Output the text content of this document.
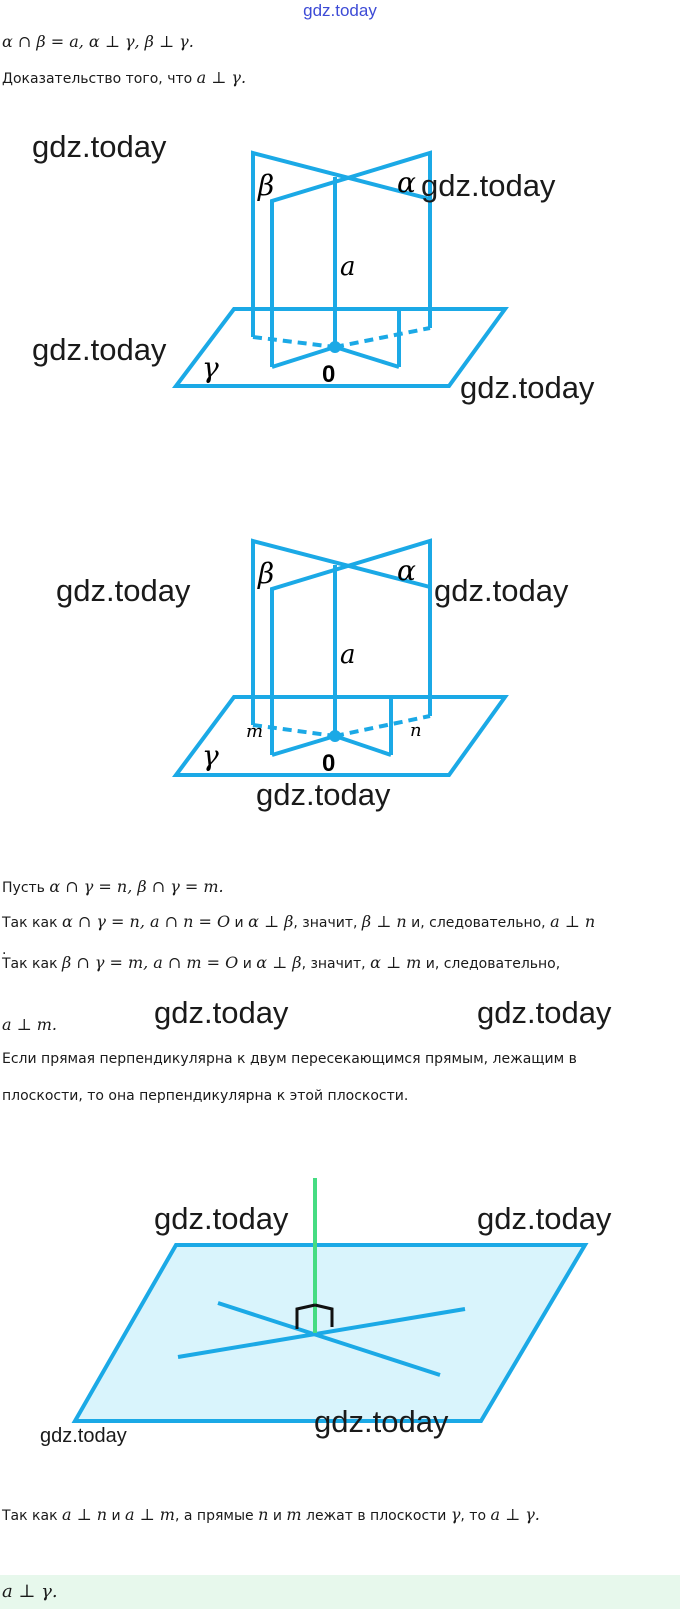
gdz.today
α ∩ β = a, α ⊥ γ, β ⊥ γ.
Доказательство того, что a ⊥ γ.
β	α
a
γ	0
gdz.today
gdz.today
gdz.today
gdz.today
β	α
a
γ
m	n
0
gdz.today	gdz.today
gdz.today
Пусть α ∩ γ = n, β ∩ γ = m.
Так как α ∩ γ = n, a ∩ n = O и α ⊥ β, значит, β ⊥ n и, следовательно, a ⊥ n
.
Так как β ∩ γ = m, a ∩ m = O и α ⊥ β, значит, α ⊥ m и, следовательно,
a ⊥ m.	gdz.today	gdz.today
Если прямая перпендикулярна к двум пересекающимся прямым, лежащим в
плоскости, то она перпендикулярна к этой плоскости.
gdz.today	gdz.today
gdz.today
gdz.today
Так как a ⊥ n и a ⊥ m, а прямые n и m лежат в плоскости γ, то a ⊥ γ.
a ⊥ γ.
